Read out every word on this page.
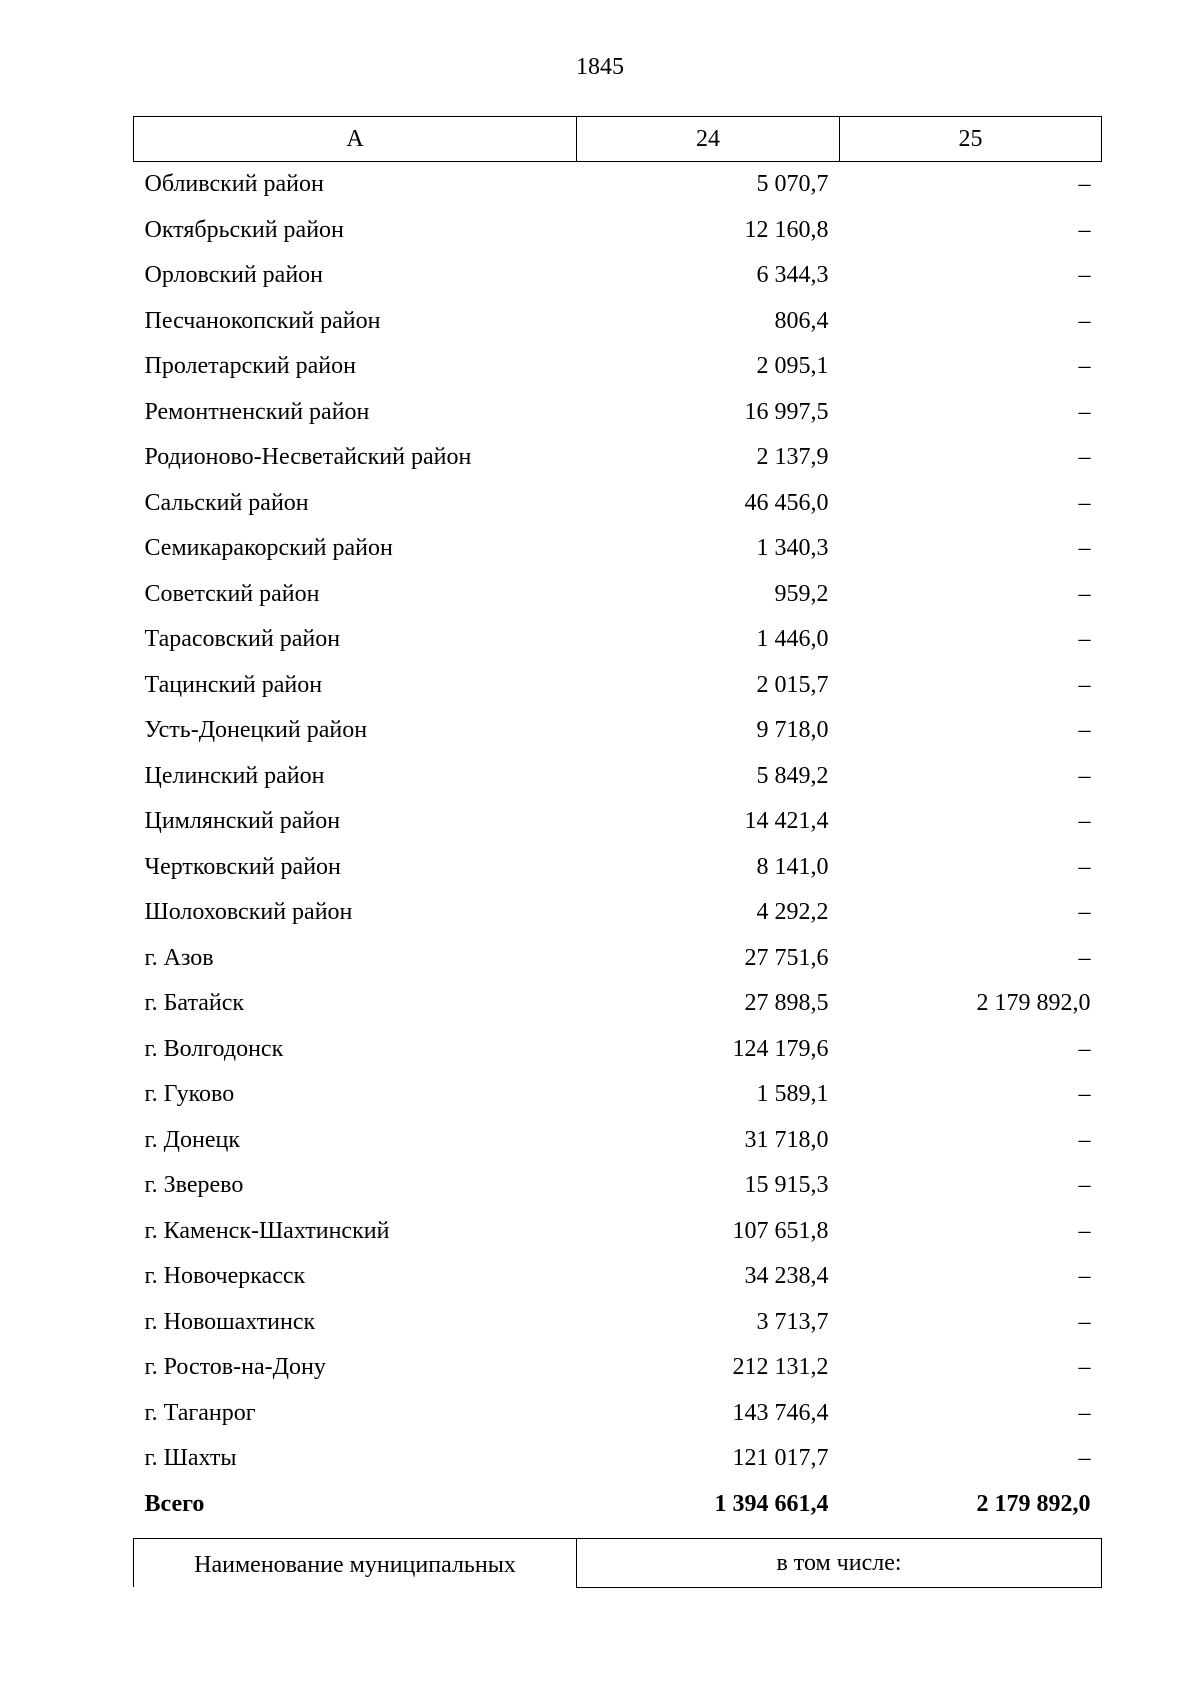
1845
А	24	25
Обливский район	5 070,7	–
Октябрьский район	12 160,8	–
Орловский район	6 344,3	–
Песчанокопский район	806,4	–
Пролетарский район	2 095,1	–
Ремонтненский район	16 997,5	–
Родионово-Несветайский район	2 137,9	–
Сальский район	46 456,0	–
Семикаракорский район	1 340,3	–
Советский район	959,2	–
Тарасовский район	1 446,0	–
Тацинский район	2 015,7	–
Усть-Донецкий район	9 718,0	–
Целинский район	5 849,2	–
Цимлянский район	14 421,4	–
Чертковский район	8 141,0	–
Шолоховский район	4 292,2	–
г. Азов	27 751,6	–
г. Батайск	27 898,5	2 179 892,0
г. Волгодонск	124 179,6	–
г. Гуково	1 589,1	–
г. Донецк	31 718,0	–
г. Зверево	15 915,3	–
г. Каменск-Шахтинский	107 651,8	–
г. Новочеркасск	34 238,4	–
г. Новошахтинск	3 713,7	–
г. Ростов-на-Дону	212 131,2	–
г. Таганрог	143 746,4	–
г. Шахты	121 017,7	–
Всего	1 394 661,4	2 179 892,0
Наименование муниципальных	в том числе:
